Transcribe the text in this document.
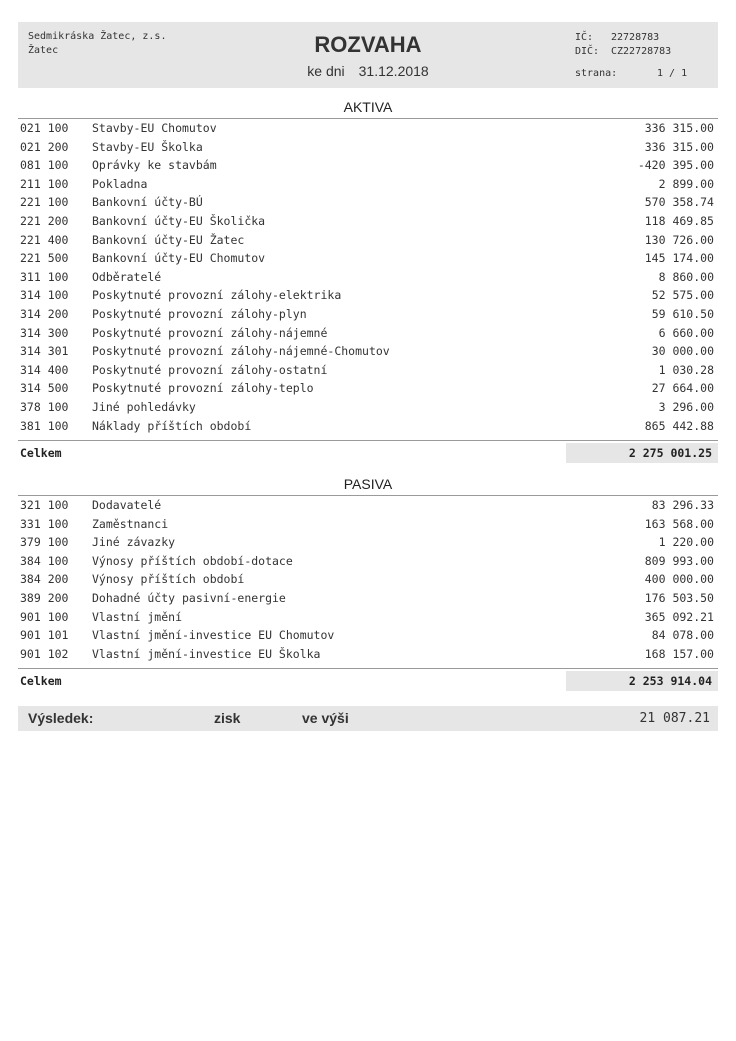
Sedmikráska Žatec, z.s.
Žatec	ROZVAHA
ke dni 31.12.2018
IČ: 22728783
DIČ: CZ22728783
strana:	1 / 1
AKTIVA
021 100 Stavby-EU Chomutov	336 315.00
021 200 Stavby-EU Školka	336 315.00
081 100 Oprávky ke stavbám	-420 395.00
211 100 Pokladna	2 899.00
221 100 Bankovní účty-BÚ	570 358.74
221 200 Bankovní účty-EU Školička	118 469.85
221 400 Bankovní účty-EU Žatec	130 726.00
221 500 Bankovní účty-EU Chomutov	145 174.00
311 100 Odběratelé	8 860.00
314 100 Poskytnuté provozní zálohy-elektrika	52 575.00
314 200 Poskytnuté provozní zálohy-plyn	59 610.50
314 300 Poskytnuté provozní zálohy-nájemné	6 660.00
314 301 Poskytnuté provozní zálohy-nájemné-Chomutov	30 000.00
314 400 Poskytnuté provozní zálohy-ostatní	1 030.28
314 500 Poskytnuté provozní zálohy-teplo	27 664.00
378 100 Jiné pohledávky	3 296.00
381 100 Náklady příštích období	865 442.88
Celkem	2 275 001.25
PASIVA
321 100 Dodavatelé	83 296.33
331 100 Zaměstnanci	163 568.00
379 100 Jiné závazky	1 220.00
384 100 Výnosy příštích období-dotace	809 993.00
384 200 Výnosy příštích období	400 000.00
389 200 Dohadné účty pasivní-energie	176 503.50
901 100 Vlastní jmění	365 092.21
901 101 Vlastní jmění-investice EU Chomutov	84 078.00
901 102 Vlastní jmění-investice EU Školka	168 157.00
Celkem	2 253 914.04
Výsledek:	zisk	ve výši	21 087.21
